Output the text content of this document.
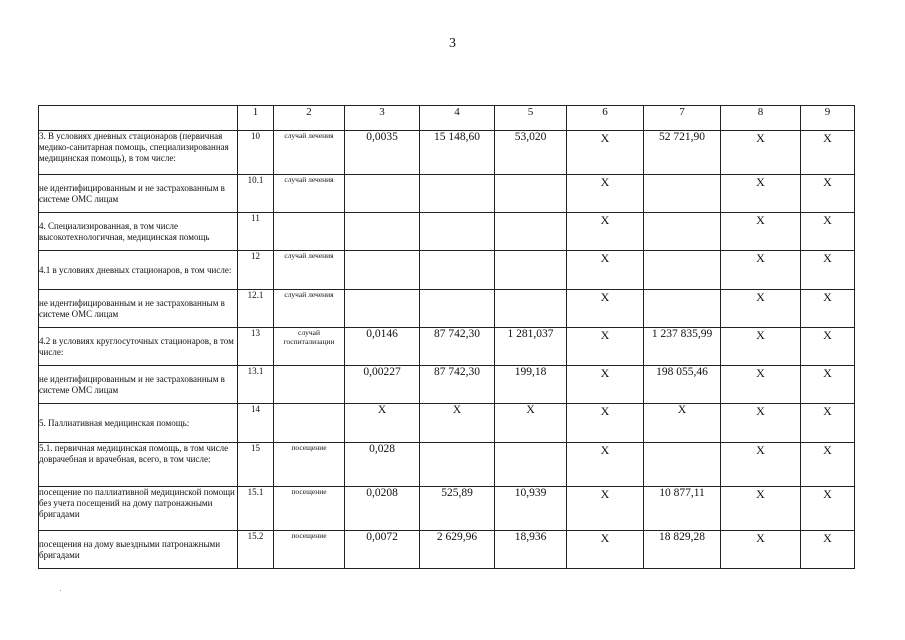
3
	1	2	3	4	5	6	7	8	9
3. В условиях дневных стационаров (первичная медико-санитарная помощь, специализированная медицинская помощь), в том числе:	10	случай лечения	0,0035	15 148,60	53,020	X	52 721,90	X	X
не идентифицированным и не застрахованным в системе ОМС лицам	10.1	случай лечения				X		X	X
4. Специализированная, в том числе высокотехнологичная, медицинская помощь	11					X		X	X
4.1 в условиях дневных стационаров, в том числе:	12	случай лечения				X		X	X
не идентифицированным и не застрахованным в системе ОМС лицам	12.1	случай лечения				X		X	X
4.2 в условиях круглосуточных стационаров, в том числе:	13	случай госпитализации	0,0146	87 742,30	1 281,037	X	1 237 835,99	X	X
не идентифицированным и не застрахованным в системе ОМС лицам	13.1		0,00227	87 742,30	199,18	X	198 055,46	X	X
5. Паллиативная медицинская помощь:	14		X	X	X	X	X	X	X
5.1. первичная медицинская помощь, в том числе доврачебная и врачебная, всего, в том числе:	15	посещение	0,028			X		X	X
посещение по паллиативной медицинской помощи без учета посещений на дому патронажными бригадами	15.1	посещение	0,0208	525,89	10,939	X	10 877,11	X	X
посещения на дому выездными патронажными бригадами	15.2	посещение	0,0072	2 629,96	18,936	X	18 829,28	X	X
